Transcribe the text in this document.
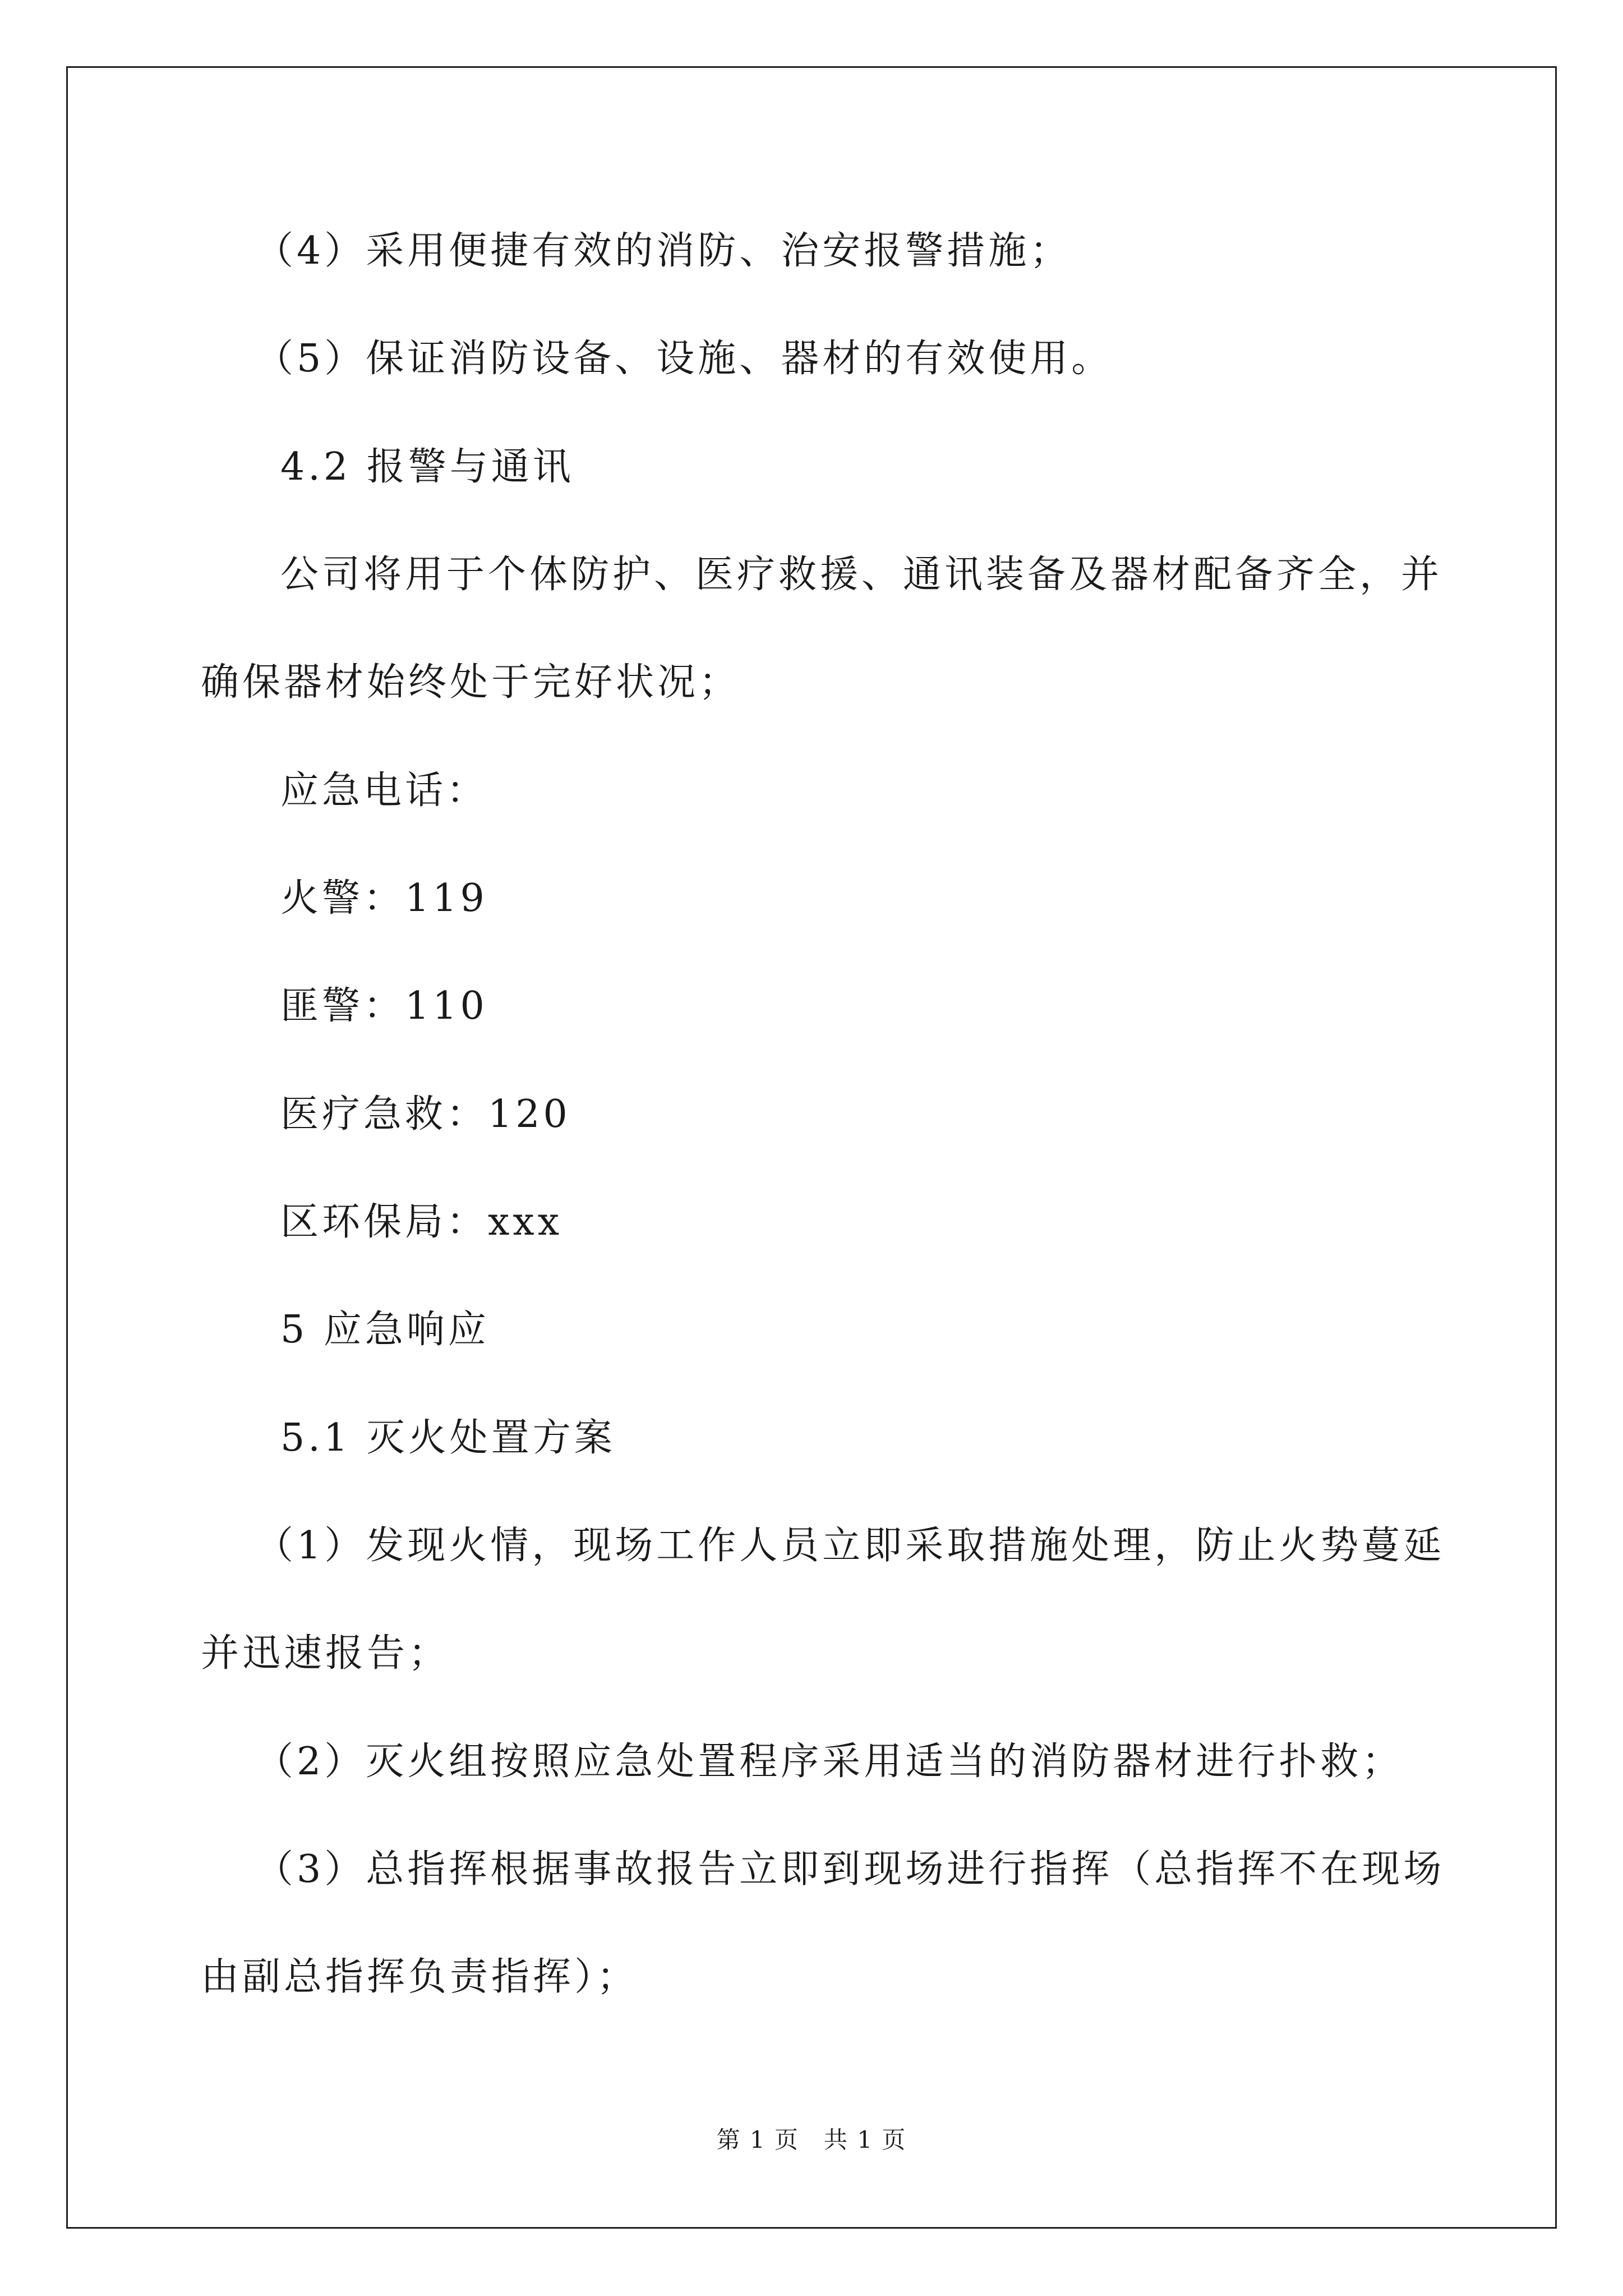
（4）采用便捷有效的消防、治安报警措施；
（5）保证消防设备、设施、器材的有效使用。
4.2 报警与通讯
公司将用于个体防护、医疗救援、通讯装备及器材配备齐全，并
确保器材始终处于完好状况；
应急电话：
火警：119
匪警：110
医疗急救：120
区环保局：xxx
5 应急响应
5.1 灭火处置方案
（1）发现火情，现场工作人员立即采取措施处理，防止火势蔓延
并迅速报告；
（2）灭火组按照应急处置程序采用适当的消防器材进行扑救；
（3）总指挥根据事故报告立即到现场进行指挥（总指挥不在现场
由副总指挥负责指挥）；
第 1 页　共 1 页
